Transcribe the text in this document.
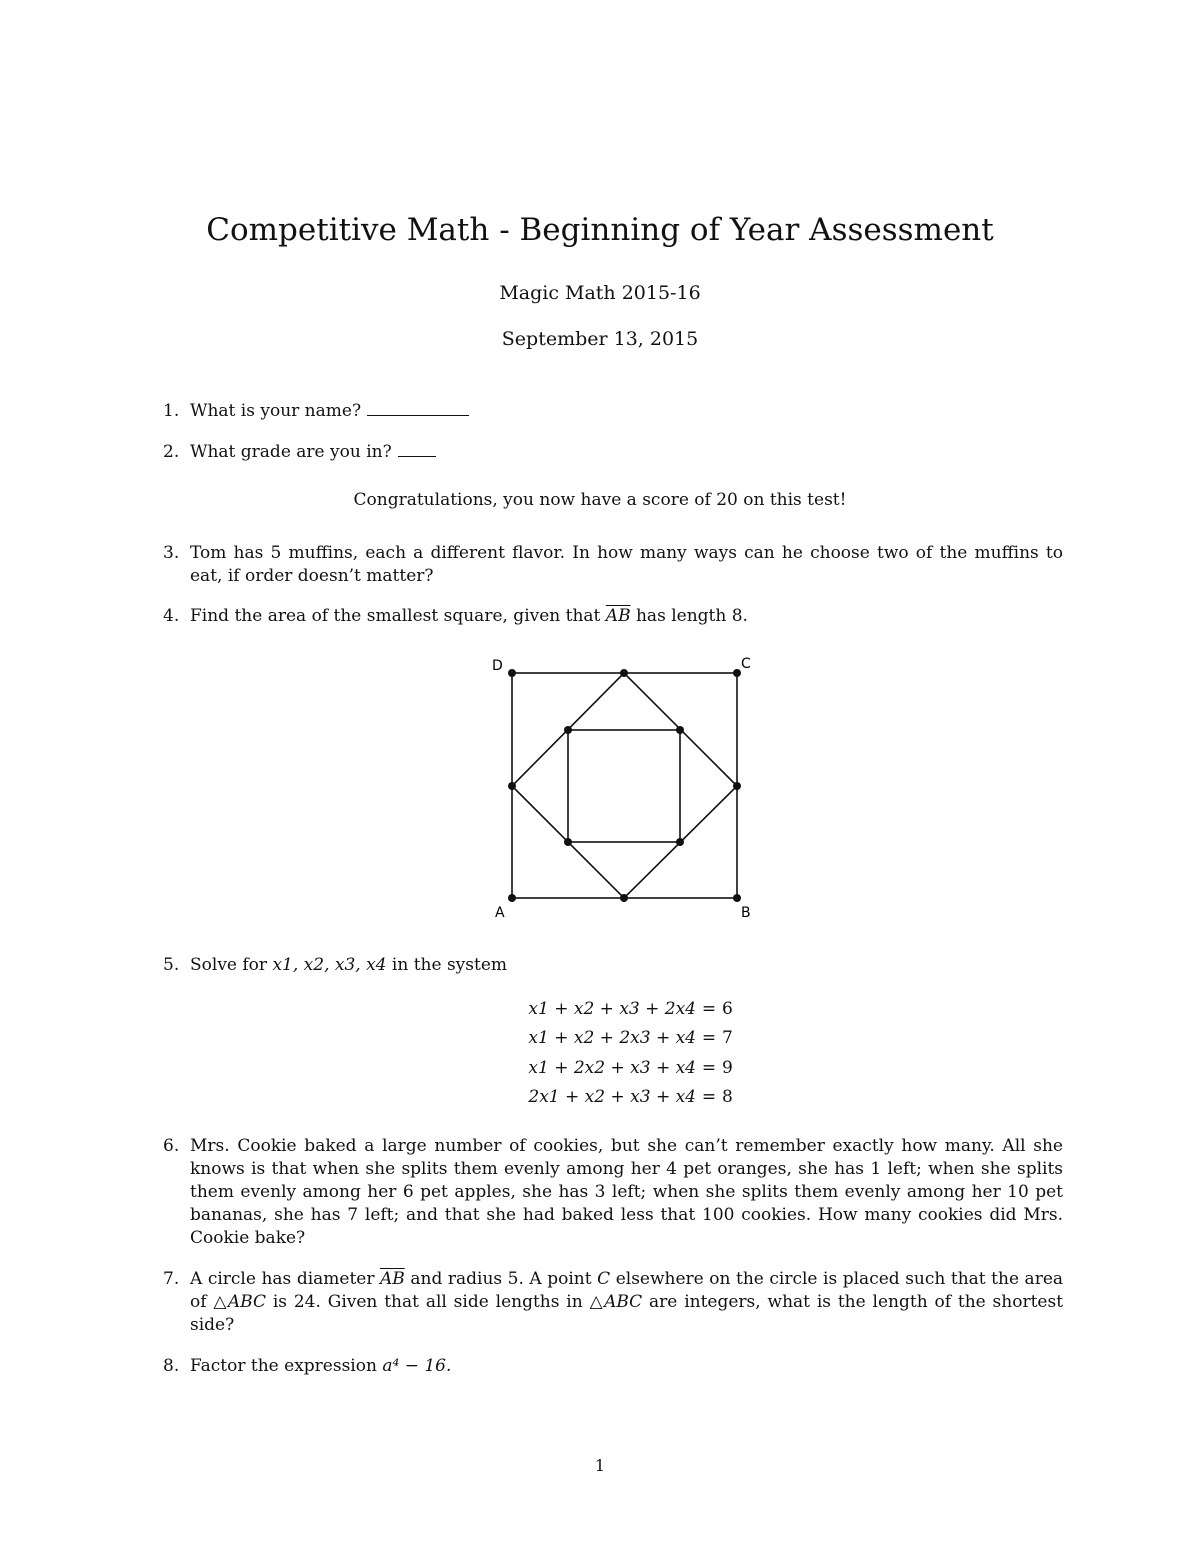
Competitive Math - Beginning of Year Assessment
Magic Math 2015-16
September 13, 2015
1. What is your name?
2. What grade are you in?
Congratulations, you now have a score of 20 on this test!
3. Tom has 5 muffins, each a different flavor. In how many ways can he choose two of the muffins to eat, if order doesn’t matter?
4. Find the area of the smallest square, given that $\overline{AB}$ has length 8.
D	C
A	B
5. Solve for x1, x2, x3, x4 in the system
x1 + x2 + x3 + 2x4 = 6
x1 + x2 + 2x3 + x4 = 7
x1 + 2x2 + x3 + x4 = 9
2x1 + x2 + x3 + x4 = 8
6. Mrs. Cookie baked a large number of cookies, but she can’t remember exactly how many. All she knows is that when she splits them evenly among her 4 pet oranges, she has 1 left; when she splits them evenly among her 6 pet apples, she has 3 left; when she splits them evenly among her 10 pet bananas, she has 7 left; and that she had baked less that 100 cookies. How many cookies did Mrs. Cookie bake?
7. A circle has diameter $\overline{AB}$ and radius 5. A point C elsewhere on the circle is placed such that the area of △ABC is 24. Given that all side lengths in △ABC are integers, what is the length of the shortest side?
8. Factor the expression a⁴ − 16.
1
